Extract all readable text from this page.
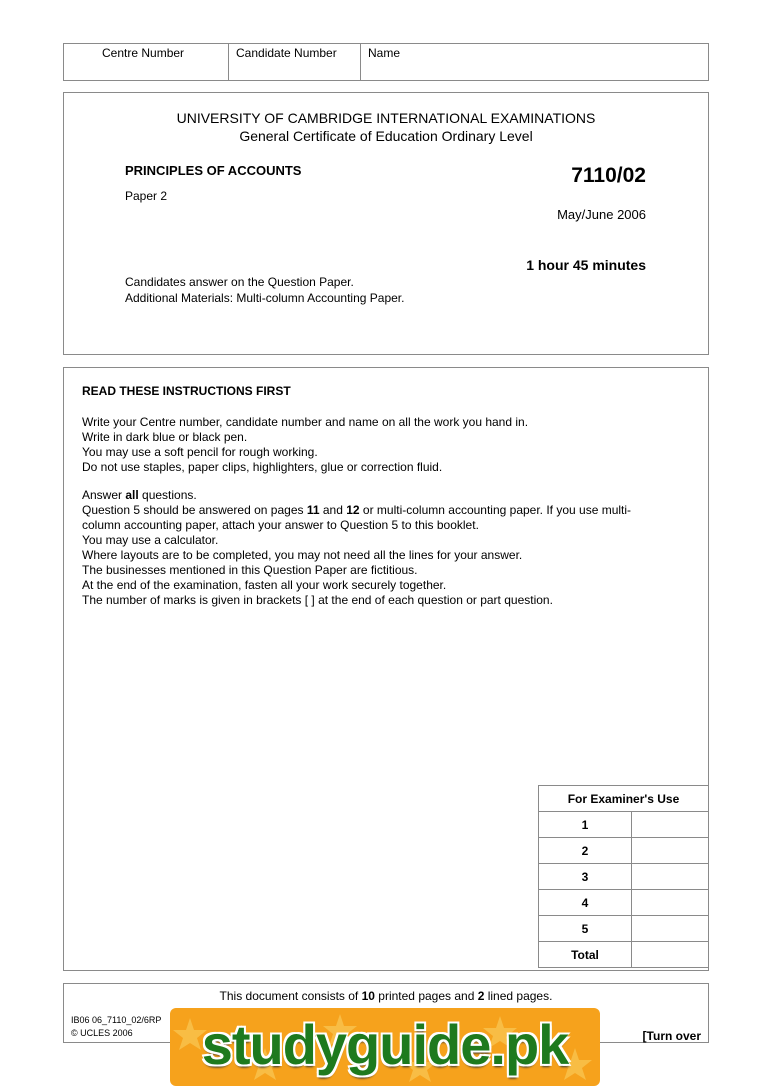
Centre Number	Candidate Number	Name
UNIVERSITY OF CAMBRIDGE INTERNATIONAL EXAMINATIONS
General Certificate of Education Ordinary Level
PRINCIPLES OF ACCOUNTS	7110/02
Paper 2
May/June 2006
1 hour 45 minutes
Candidates answer on the Question Paper.
Additional Materials: Multi-column Accounting Paper.
READ THESE INSTRUCTIONS FIRST
Write your Centre number, candidate number and name on all the work you hand in.
Write in dark blue or black pen.
You may use a soft pencil for rough working.
Do not use staples, paper clips, highlighters, glue or correction fluid.
Answer all questions.
Question 5 should be answered on pages 11 and 12 or multi-column accounting paper. If you use multi-
column accounting paper, attach your answer to Question 5 to this booklet.
You may use a calculator.
Where layouts are to be completed, you may not need all the lines for your answer.
The businesses mentioned in this Question Paper are fictitious.
At the end of the examination, fasten all your work securely together.
The number of marks is given in brackets [ ] at the end of each question or part question.
For Examiner's Use	
1	
2	
3	
4	
5	
Total	
This document consists of 10 printed pages and 2 lined pages.
IB06 06_7110_02/6RP
© UCLES 2006	[Turn over
studyguide.pk
